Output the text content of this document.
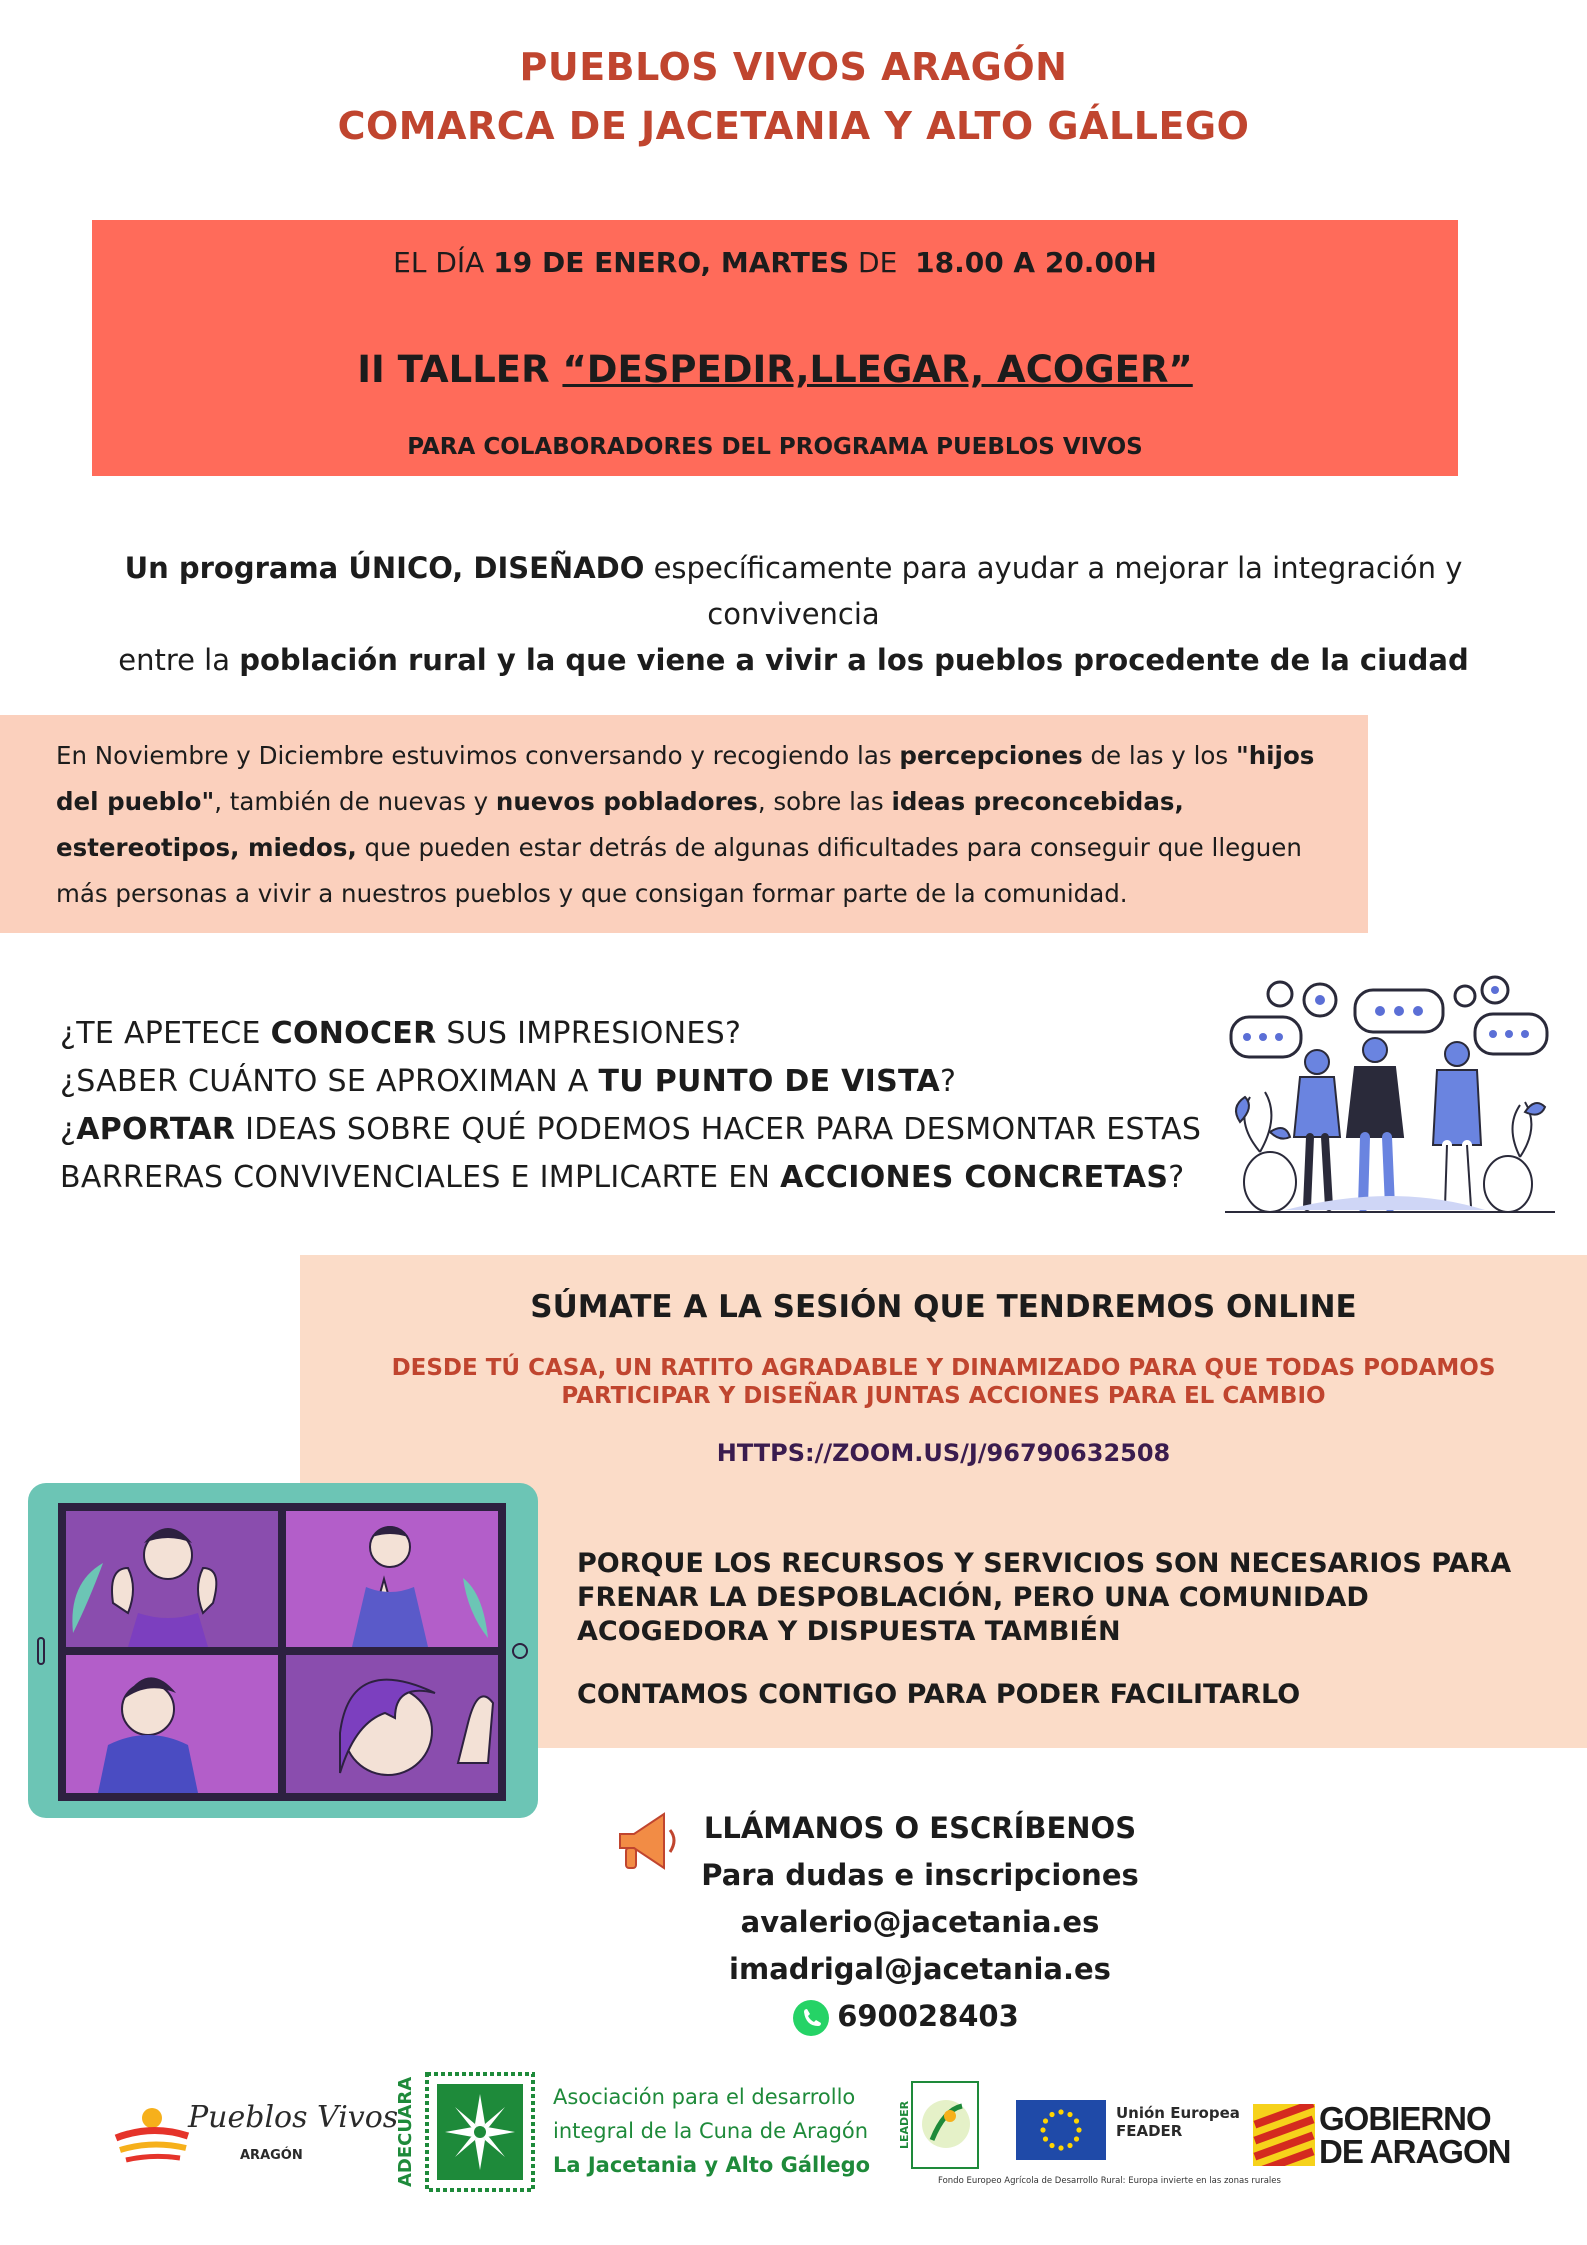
PUEBLOS VIVOS ARAGÓN
COMARCA DE JACETANIA Y ALTO GÁLLEGO
EL DÍA 19 DE ENERO, MARTES DE 18.00 A 20.00H
II TALLER “DESPEDIR,LLEGAR, ACOGER”
PARA COLABORADORES DEL PROGRAMA PUEBLOS VIVOS
Un programa ÚNICO, DISEÑADO específicamente para ayudar a mejorar la integración y convivencia
entre la población rural y la que viene a vivir a los pueblos procedente de la ciudad
En Noviembre y Diciembre estuvimos conversando y recogiendo las percepciones de las y los "hijos del pueblo", también de nuevas y nuevos pobladores, sobre las ideas preconcebidas, estereotipos, miedos, que pueden estar detrás de algunas dificultades para conseguir que lleguen más personas a vivir a nuestros pueblos y que consigan formar parte de la comunidad.
¿TE APETECE CONOCER SUS IMPRESIONES?
¿SABER CUÁNTO SE APROXIMAN A TU PUNTO DE VISTA?
¿APORTAR IDEAS SOBRE QUÉ PODEMOS HACER PARA DESMONTAR ESTAS
BARRERAS CONVIVENCIALES E IMPLICARTE EN ACCIONES CONCRETAS?
SÚMATE A LA SESIÓN QUE TENDREMOS ONLINE
DESDE TÚ CASA, UN RATITO AGRADABLE Y DINAMIZADO PARA QUE TODAS PODAMOS
PARTICIPAR Y DISEÑAR JUNTAS ACCIONES PARA EL CAMBIO
HTTPS://ZOOM.US/J/96790632508
PORQUE LOS RECURSOS Y SERVICIOS SON NECESARIOS PARA
FRENAR LA DESPOBLACIÓN, PERO UNA COMUNIDAD
ACOGEDORA Y DISPUESTA TAMBIÉN
CONTAMOS CONTIGO PARA PODER FACILITARLO
LLÁMANOS O ESCRÍBENOS
Para dudas e inscripciones
avalerio@jacetania.es
imadrigal@jacetania.es
690028403
Pueblos Vivos
ARAGÓN	ADECUARA	Asociación para el desarrollo
integral de la Cuna de Aragón
La Jacetania y Alto Gállego
LEADER	Unión Europea
FEADER
Fondo Europeo Agrícola de Desarrollo Rural: Europa invierte en las zonas rurales
GOBIERNO
DE ARAGON
